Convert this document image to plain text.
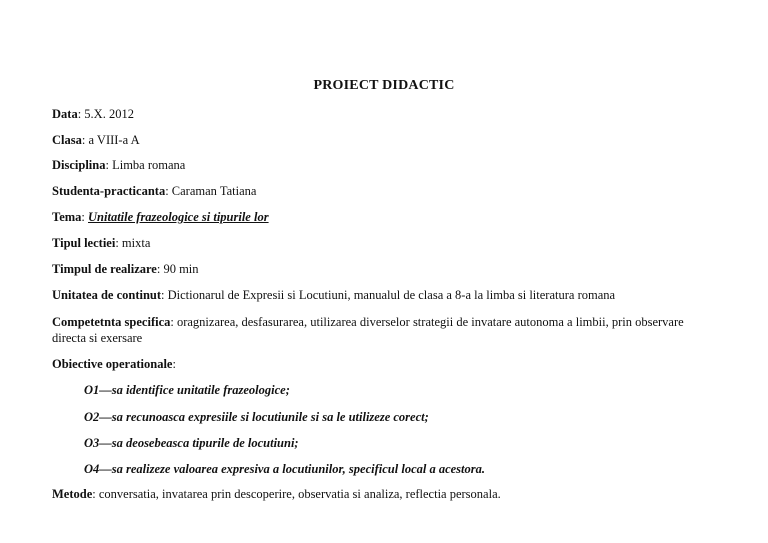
PROIECT DIDACTIC
Data: 5.X. 2012
Clasa: a VIII-a A
Disciplina: Limba romana
Studenta-practicanta: Caraman Tatiana
Tema: Unitatile frazeologice si tipurile lor
Tipul lectiei: mixta
Timpul de realizare: 90 min
Unitatea de continut: Dictionarul de Expresii si Locutiuni, manualul de clasa a 8-a la limba si literatura romana
Competetnta specifica: oragnizarea, desfasurarea, utilizarea diverselor strategii de invatare autonoma a limbii, prin observare directa si exersare
Obiective operationale:
O1—sa identifice unitatile frazeologice;
O2—sa recunoasca expresiile si locutiunile si sa le utilizeze corect;
O3—sa deosebeasca tipurile de locutiuni;
O4—sa realizeze valoarea expresiva a locutiunilor, specificul local a acestora.
Metode: conversatia, invatarea prin descoperire, observatia si analiza, reflectia personala.
